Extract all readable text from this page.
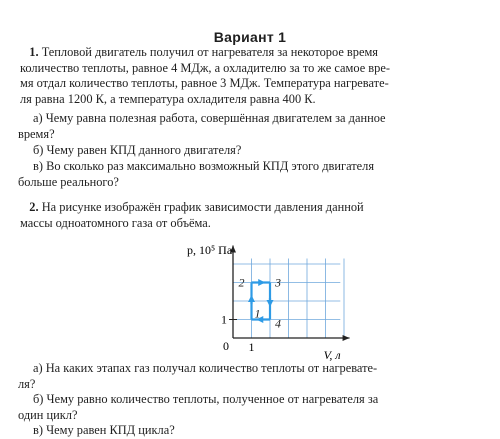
Вариант 1
1. Тепловой двигатель получил от нагревателя за некоторое время
количество теплоты, равное 4 МДж, а охладителю за то же самое вре-
мя отдал количество теплоты, равное 3 МДж. Температура нагревате-
ля равна 1200 К, а температура охладителя равна 400 К.
а) Чему равна полезная работа, совершённая двигателем за данное
время?
б) Чему равен КПД данного двигателя?
в) Во сколько раз максимально возможный КПД этого двигателя
больше реального?
2. На рисунке изображён график зависимости давления данной
массы одноатомного газа от объёма.
p, 10⁵ Па
V, л
0 1
1 1
2	3
4
а) На каких этапах газ получал количество теплоты от нагревате-
ля?
б) Чему равно количество теплоты, полученное от нагревателя за
один цикл?
в) Чему равен КПД цикла?
